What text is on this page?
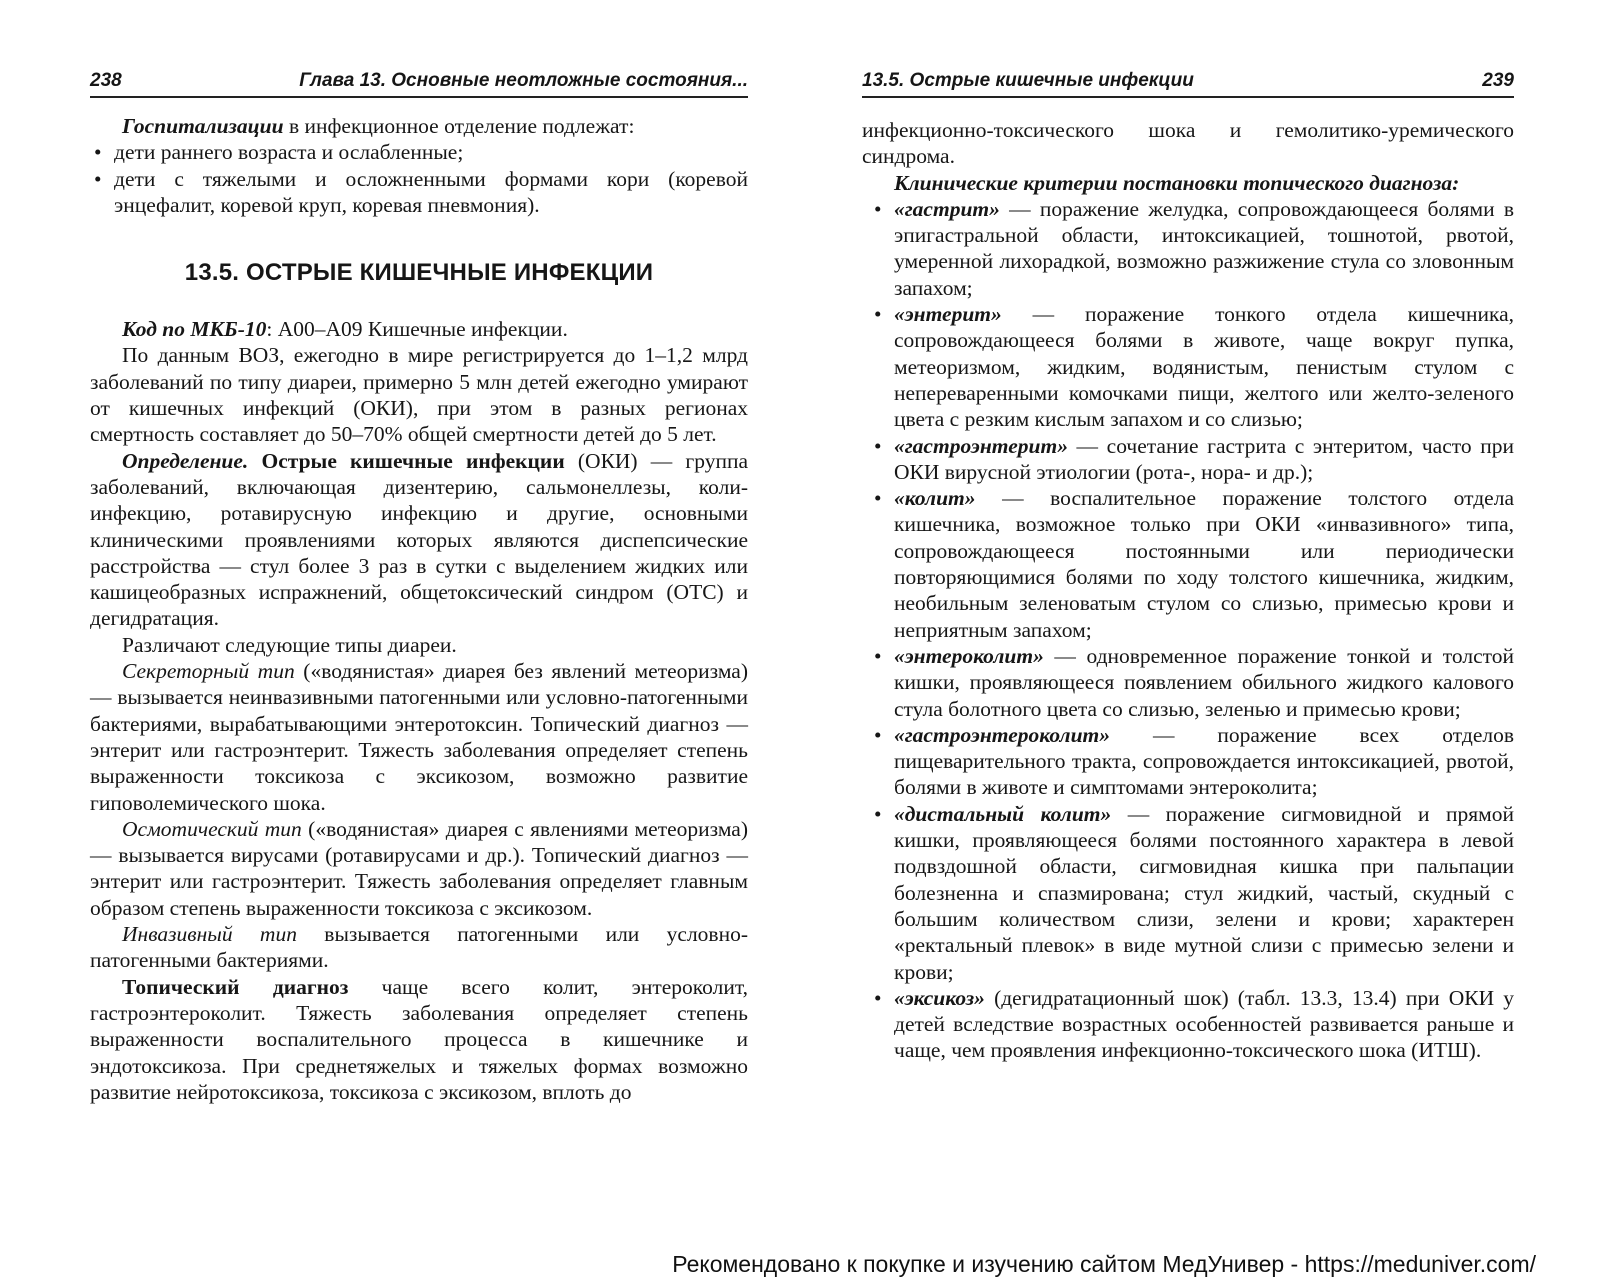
238	Глава 13. Основные неотложные состояния...

Госпитализации в инфекционное отделение подлежат:

• дети раннего возраста и ослабленные;
• дети с тяжелыми и осложненными формами кори (коревой энцефалит, коревой круп, коревая пневмония).
13.5. ОСТРЫЕ КИШЕЧНЫЕ ИНФЕКЦИИ

Код по МКБ-10: А00–А09 Кишечные инфекции.

По данным ВОЗ, ежегодно в мире регистрируется до 1–1,2 млрд заболеваний по типу диареи, примерно 5 млн детей ежегодно умирают от кишечных инфекций (ОКИ), при этом в разных регионах смертность составляет до 50–70% общей смертности детей до 5 лет.

Определение. Острые кишечные инфекции (ОКИ) — группа заболеваний, включающая дизентерию, сальмонеллезы, коли-инфекцию, ротавирусную инфекцию и другие, основными клиническими проявлениями которых являются диспепсические расстройства — стул более 3 раз в сутки с выделением жидких или кашицеобразных испражнений, общетоксический синдром (ОТС) и дегидратация.

Различают следующие типы диареи.

Секреторный тип («водянистая» диарея без явлений метеоризма) — вызывается неинвазивными патогенными или условно-патогенными бактериями, вырабатывающими энтеротоксин. Топический диагноз — энтерит или гастроэнтерит. Тяжесть заболевания определяет степень выраженности токсикоза с эксикозом, возможно развитие гиповолемического шока.

Осмотический тип («водянистая» диарея с явлениями метеоризма) — вызывается вирусами (ротавирусами и др.). Топический диагноз — энтерит или гастроэнтерит. Тяжесть заболевания определяет главным образом степень выраженности токсикоза с эксикозом.

Инвазивный тип вызывается патогенными или условно-патогенными бактериями.

Топический диагноз чаще всего колит, энтероколит, гастроэнтероколит. Тяжесть заболевания определяет степень выраженности воспалительного процесса в кишечнике и эндотоксикоза. При среднетяжелых и тяжелых формах возможно развитие нейротоксикоза, токсикоза с эксикозом, вплоть до

13.5. Острые кишечные инфекции	239

инфекционно-токсического шока и гемолитико-уремического синдрома.

Клинические критерии постановки топического диагноза:

• «гастрит» — поражение желудка, сопровождающееся болями в эпигастральной области, интоксикацией, тошнотой, рвотой, умеренной лихорадкой, возможно разжижение стула со зловонным запахом;
• «энтерит» — поражение тонкого отдела кишечника, сопровождающееся болями в животе, чаще вокруг пупка, метеоризмом, жидким, водянистым, пенистым стулом с непереваренными комочками пищи, желтого или желто-зеленого цвета с резким кислым запахом и со слизью;
• «гастроэнтерит» — сочетание гастрита с энтеритом, часто при ОКИ вирусной этиологии (рота-, нора- и др.);
• «колит» — воспалительное поражение толстого отдела кишечника, возможное только при ОКИ «инвазивного» типа, сопровождающееся постоянными или периодически повторяющимися болями по ходу толстого кишечника, жидким, необильным зеленоватым стулом со слизью, примесью крови и неприятным запахом;
• «энтероколит» — одновременное поражение тонкой и толстой кишки, проявляющееся появлением обильного жидкого калового стула болотного цвета со слизью, зеленью и примесью крови;
• «гастроэнтероколит» — поражение всех отделов пищеварительного тракта, сопровождается интоксикацией, рвотой, болями в животе и симптомами энтероколита;
• «дистальный колит» — поражение сигмовидной и прямой кишки, проявляющееся болями постоянного характера в левой подвздошной области, сигмовидная кишка при пальпации болезненна и спазмирована; стул жидкий, частый, скудный с большим количеством слизи, зелени и крови; характерен «ректальный плевок» в виде мутной слизи с примесью зелени и крови;
• «эксикоз» (дегидратационный шок) (табл. 13.3, 13.4) при ОКИ у детей вследствие возрастных особенностей развивается раньше и чаще, чем проявления инфекционно-токсического шока (ИТШ).
Рекомендовано к покупке и изучению сайтом МедУнивер - https://meduniver.com/
